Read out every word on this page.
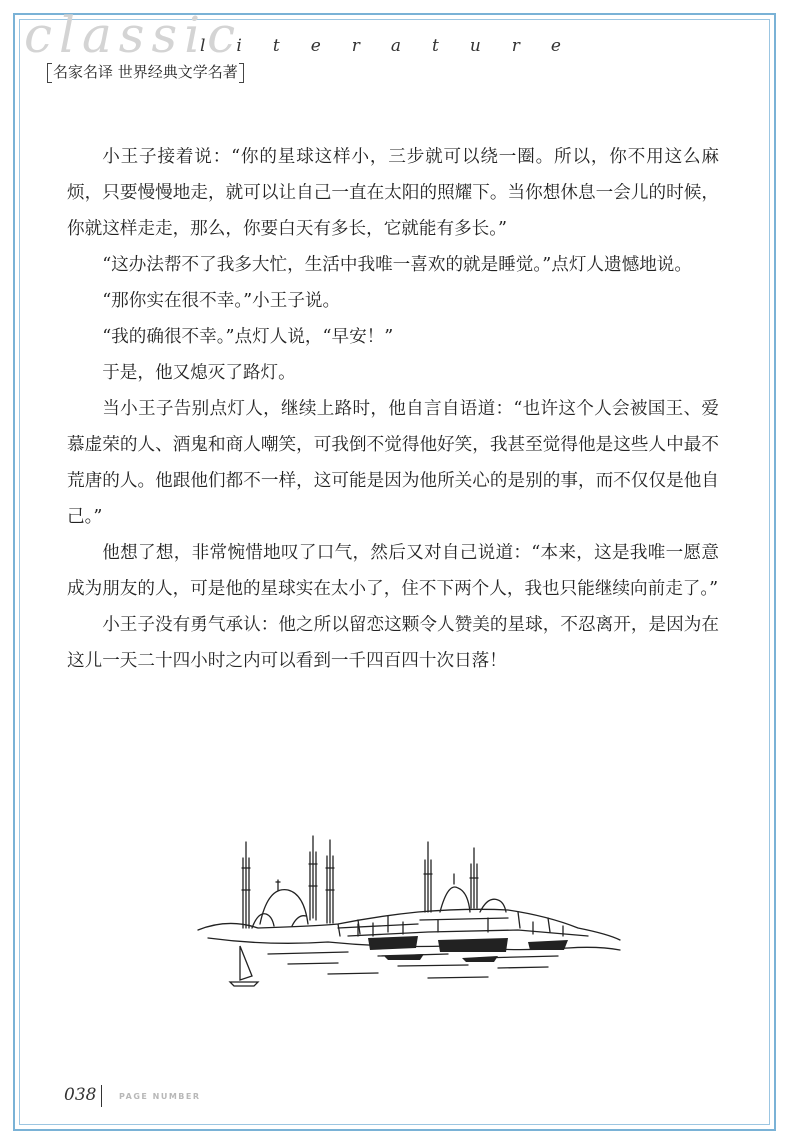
classic
literature
名家名译 世界经典文学名著

小王子接着说：“你的星球这样小，三步就可以绕一圈。所以，你不用这么麻烦，只要慢慢地走，就可以让自己一直在太阳的照耀下。当你想休息一会儿的时候，你就这样走走，那么，你要白天有多长，它就能有多长。”

“这办法帮不了我多大忙，生活中我唯一喜欢的就是睡觉。”点灯人遗憾地说。

“那你实在很不幸。”小王子说。

“我的确很不幸。”点灯人说，“早安！”

于是，他又熄灭了路灯。

当小王子告别点灯人，继续上路时，他自言自语道：“也许这个人会被国王、爱慕虚荣的人、酒鬼和商人嘲笑，可我倒不觉得他好笑，我甚至觉得他是这些人中最不荒唐的人。他跟他们都不一样，这可能是因为他所关心的是别的事，而不仅仅是他自己。”

他想了想，非常惋惜地叹了口气，然后又对自己说道：“本来，这是我唯一愿意成为朋友的人，可是他的星球实在太小了，住不下两个人，我也只能继续向前走了。”

小王子没有勇气承认：他之所以留恋这颗令人赞美的星球，不忍离开，是因为在这儿一天二十四小时之内可以看到一千四百四十次日落！

038	PAGE NUMBER
